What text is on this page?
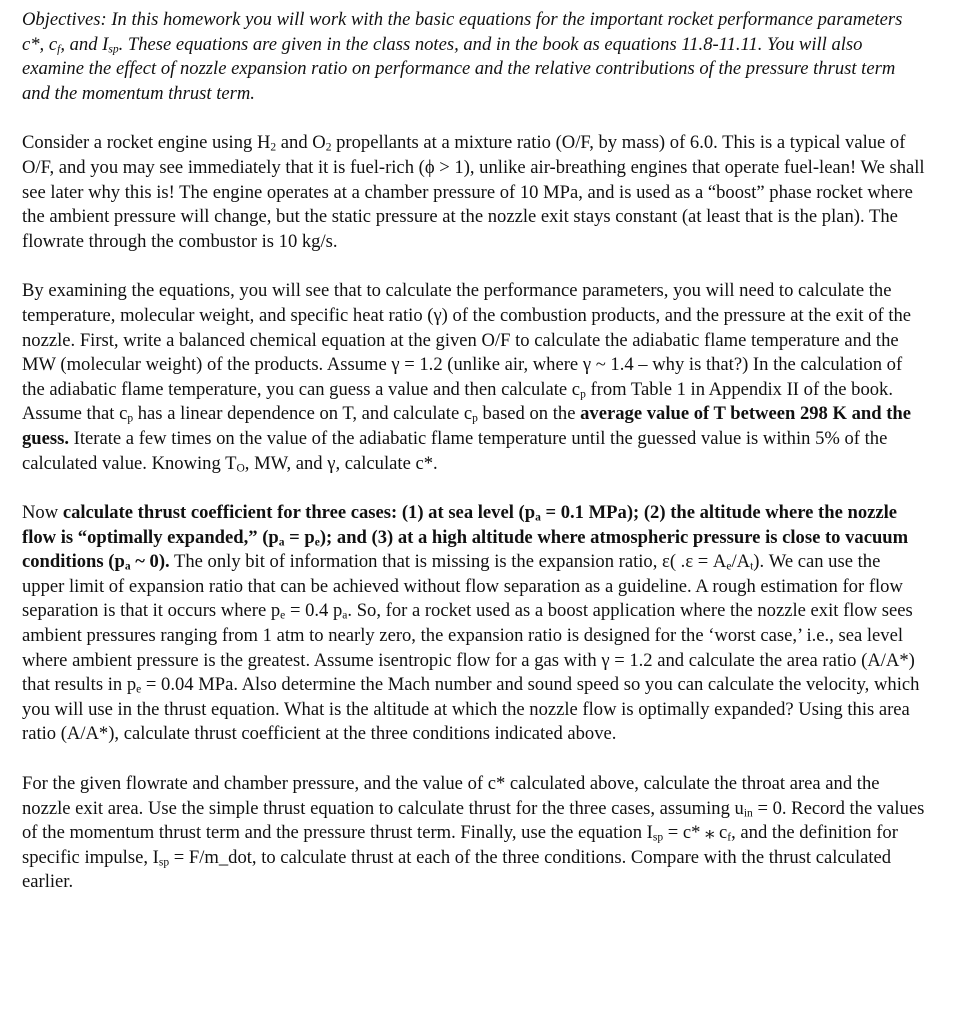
Objectives: In this homework you will work with the basic equations for the important rocket performance parameters c*, $c_f$, and $I_{sp}$. These equations are given in the class notes, and in the book as equations 11.8-11.11. You will also examine the effect of nozzle expansion ratio on performance and the relative contributions of the pressure thrust term and the momentum thrust term.

Consider a rocket engine using $H_2$ and $O_2$ propellants at a mixture ratio (O/F, by mass) of 6.0. This is a typical value of O/F, and you may see immediately that it is fuel-rich (ϕ > 1), unlike air-breathing engines that operate fuel-lean! We shall see later why this is! The engine operates at a chamber pressure of 10 MPa, and is used as a “boost” phase rocket where the ambient pressure will change, but the static pressure at the nozzle exit stays constant (at least that is the plan). The flowrate through the combustor is 10 kg/s.

By examining the equations, you will see that to calculate the performance parameters, you will need to calculate the temperature, molecular weight, and specific heat ratio (γ) of the combustion products, and the pressure at the exit of the nozzle. First, write a balanced chemical equation at the given O/F to calculate the adiabatic flame temperature and the MW (molecular weight) of the products. Assume γ = 1.2 (unlike air, where γ ~ 1.4 – why is that?) In the calculation of the adiabatic flame temperature, you can guess a value and then calculate $c_p$ from Table 1 in Appendix II of the book. Assume that $c_p$ has a linear dependence on T, and calculate $c_p$ based on the average value of T between 298 K and the guess. Iterate a few times on the value of the adiabatic flame temperature until the guessed value is within 5% of the calculated value. Knowing $T_O$, MW, and γ, calculate c*.

Now calculate thrust coefficient for three cases: (1) at sea level ($p_a = 0.1$ MPa); (2) the altitude where the nozzle flow is “optimally expanded,” $(p_a = p_e)$; and (3) at a high altitude where atmospheric pressure is close to vacuum conditions ($p_a$ ~ 0). The only bit of information that is missing is the expansion ratio, ε( $.\varepsilon = A_e/A_t$). We can use the upper limit of expansion ratio that can be achieved without flow separation as a guideline. A rough estimation for flow separation is that it occurs where $p_e = 0.4$ $p_a$. So, for a rocket used as a boost application where the nozzle exit flow sees ambient pressures ranging from 1 atm to nearly zero, the expansion ratio is designed for the ‘worst case,’ i.e., sea level where ambient pressure is the greatest. Assume isentropic flow for a gas with γ = 1.2 and calculate the area ratio (A/A*) that results in $p_e = 0.04$ MPa. Also determine the Mach number and sound speed so you can calculate the velocity, which you will use in the thrust equation. What is the altitude at which the nozzle flow is optimally expanded? Using this area ratio (A/A*), calculate thrust coefficient at the three conditions indicated above.

For the given flowrate and chamber pressure, and the value of c* calculated above, calculate the throat area and the nozzle exit area. Use the simple thrust equation to calculate thrust for the three cases, assuming $u_{in} = 0$. Record the values of the momentum thrust term and the pressure thrust term. Finally, use the equation $I_{sp} = c*$ ⁎ $c_f$, and the definition for specific impulse, $I_{sp}$ = F/m_dot, to calculate thrust at each of the three conditions. Compare with the thrust calculated earlier.
